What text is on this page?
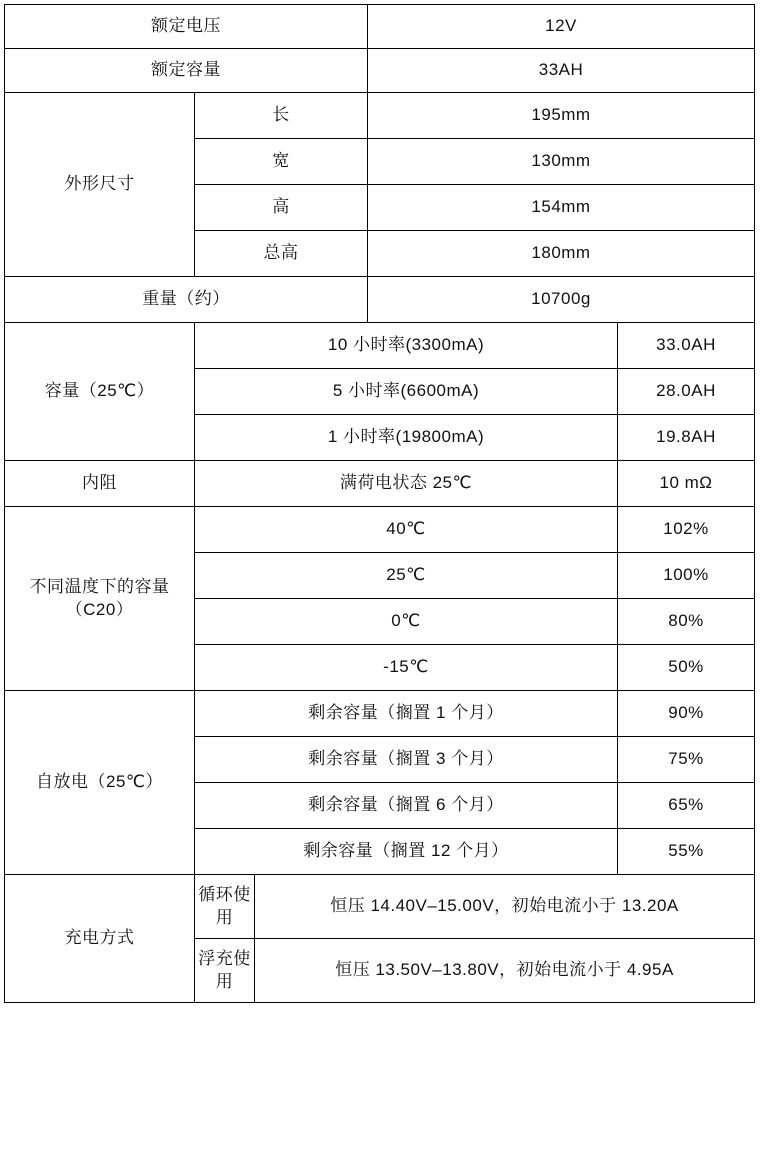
额定电压			12V	
额定容量			33AH	
外形尺寸	长		195mm	
	宽		130mm	
	高		154mm	
	总高		180mm	
重量（约）			10700g	
容量（25℃）	10 小时率(3300mA)			33.0AH
	5 小时率(6600mA)			28.0AH
	1 小时率(19800mA)			19.8AH
内阻	满荷电状态 25℃			10 mΩ
不同温度下的容量（C20）	40℃			102%
	25℃			100%
	0℃			80%
	-15℃			50%
自放电（25℃）	剩余容量（搁置 1 个月）			90%
	剩余容量（搁置 3 个月）			75%
	剩余容量（搁置 6 个月）			65%
	剩余容量（搁置 12 个月）			55%
充电方式	循环使用	恒压 14.40V–15.00V，初始电流小于 13.20A		
	浮充使用	恒压 13.50V–13.80V，初始电流小于 4.95A		
